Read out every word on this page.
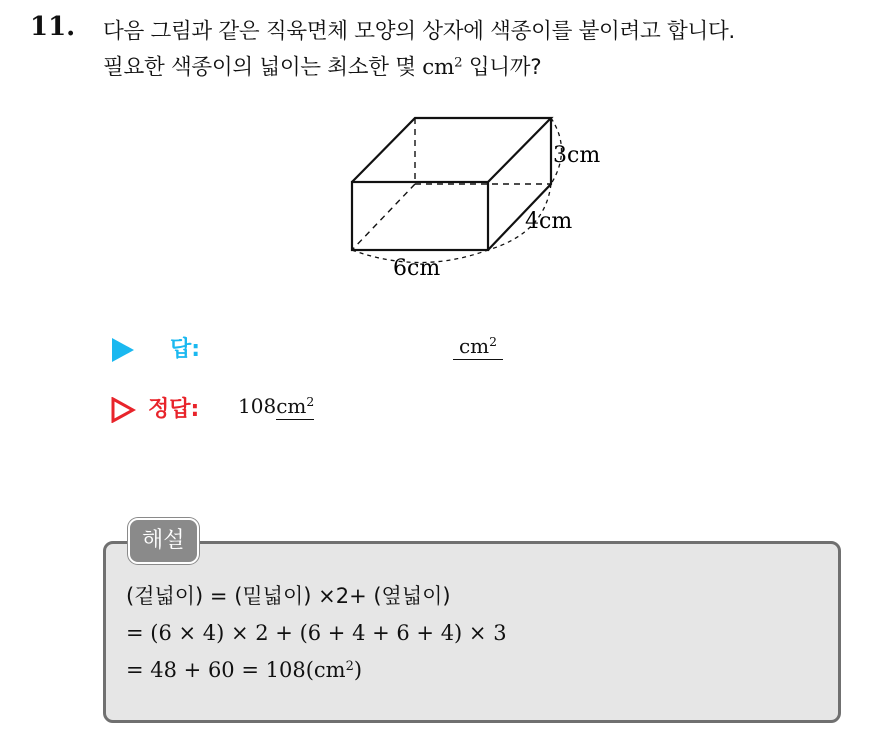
11. 다음 그림과 같은 직육면체 모양의 상자에 색종이를 붙이려고 합니다.
필요한 색종이의 넓이는 최소한 몇 $cm^2$ 입니까?
3cm
4cm
6cm
답:	$cm^2$
정답: $108cm^2$
해설
(겉넓이) = (밑넓이) ×2+ (옆넓이)
= (6 × 4) × 2 + (6 + 4 + 6 + 4) × 3
= $48 + 60 = 108(cm^2)$
